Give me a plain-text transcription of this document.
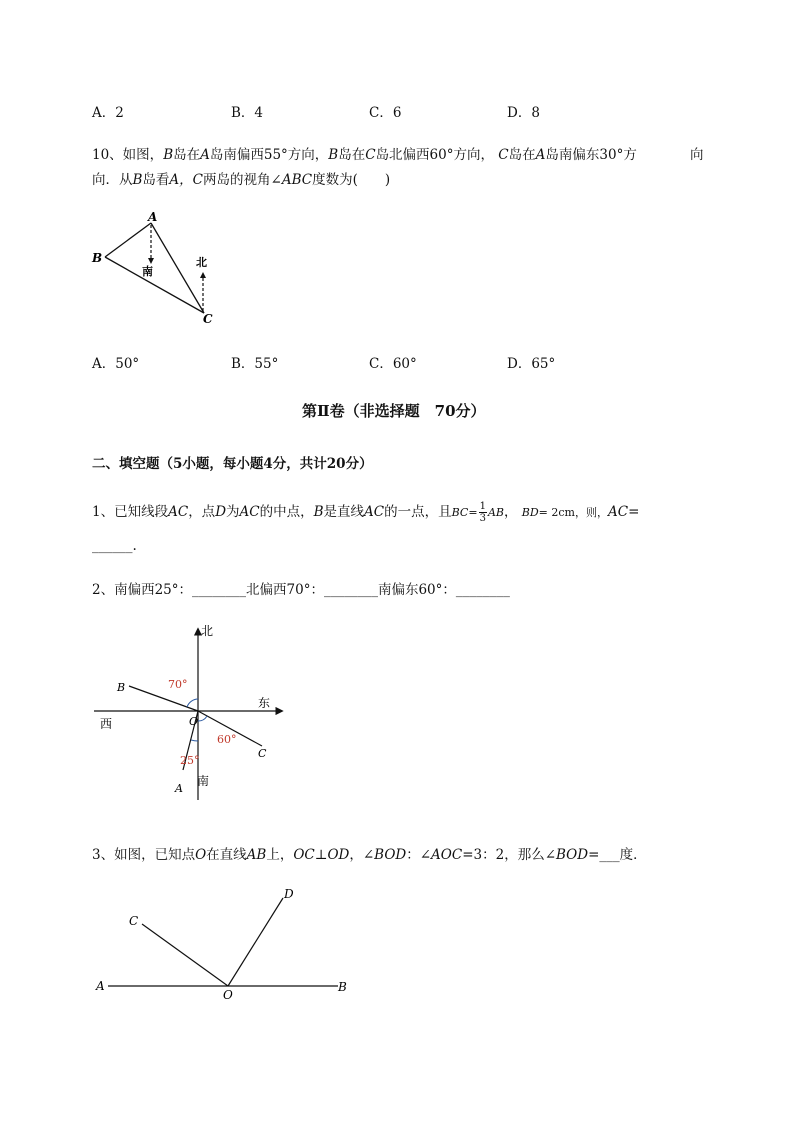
A．2	B．4	C．6	D．8
10、如图，B岛在A岛南偏西55°方向，B岛在C岛北偏西60°方向， C岛在A岛南偏东30°方	向
向．从B岛看A，C两岛的视角∠ABC度数为(　　)
A
B
C
南
北
A．50°	B．55°	C．60°	D．65°
第Ⅱ卷（非选择题　70分）
二、填空题（5小题，每小题4分，共计20分）
1、已知线段AC，点D为AC的中点，B是直线AC的一点，且$BC= \frac{1}{3}$ AB， BD= 2cm，则，AC=
______.
2、南偏西25°：________北偏西70°：________南偏东60°：________
北
东
西
南
O
B
C
A
70°
60°
25°
3、如图，已知点O在直线AB上，OC⊥OD，∠BOD：∠AOC=3：2，那么∠BOD=___度．
A	B
C
D
O
